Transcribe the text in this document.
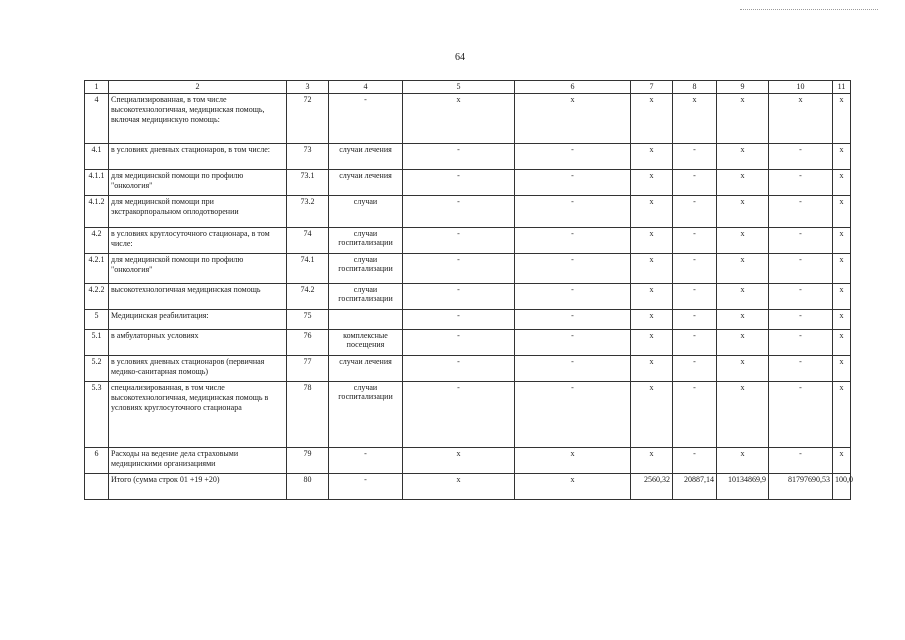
64
1	2	3	4	5	6	7	8	9	10	11
4	Специализированная, в том числе высокотехнологичная, медицинская помощь, включая медицинскую помощь:	72	-	x	x	x	x	x	x	x
4.1	в условиях дневных стационаров, в том числе:	73	случаи лечения	-	-	x	-	x	-	x
4.1.1	для медицинской помощи по профилю "онкология"	73.1	случаи лечения	-	-	x	-	x	-	x
4.1.2	для медицинской помощи при экстракорпоральном оплодотворении	73.2	случаи	-	-	x	-	x	-	x
4.2	в условиях круглосуточного стационара, в том числе:	74	случаи госпитализации	-	-	x	-	x	-	x
4.2.1	для медицинской помощи по профилю "онкология"	74.1	случаи госпитализации	-	-	x	-	x	-	x
4.2.2	высокотехнологичная медицинская помощь	74.2	случаи госпитализации	-	-	x	-	x	-	x
5	Медицинская реабилитация:	75		-	-	x	-	x	-	x
5.1	в амбулаторных условиях	76	комплексные посещения	-	-	x	-	x	-	x
5.2	в условиях дневных стационаров (первичная медико-санитарная помощь)	77	случаи лечения	-	-	x	-	x	-	x
5.3	специализированная, в том числе высокотехнологичная, медицинская помощь в условиях круглосуточного стационара	78	случаи госпитализации	-	-	x	-	x	-	x
6	Расходы на ведение дела страховыми медицинскими организациями	79	-	x	x	x	-	x	-	x
	Итого (сумма строк 01 +19 +20)	80	-	x	x	2560,32	20887,14	10134869,9	81797690,53	100,0
